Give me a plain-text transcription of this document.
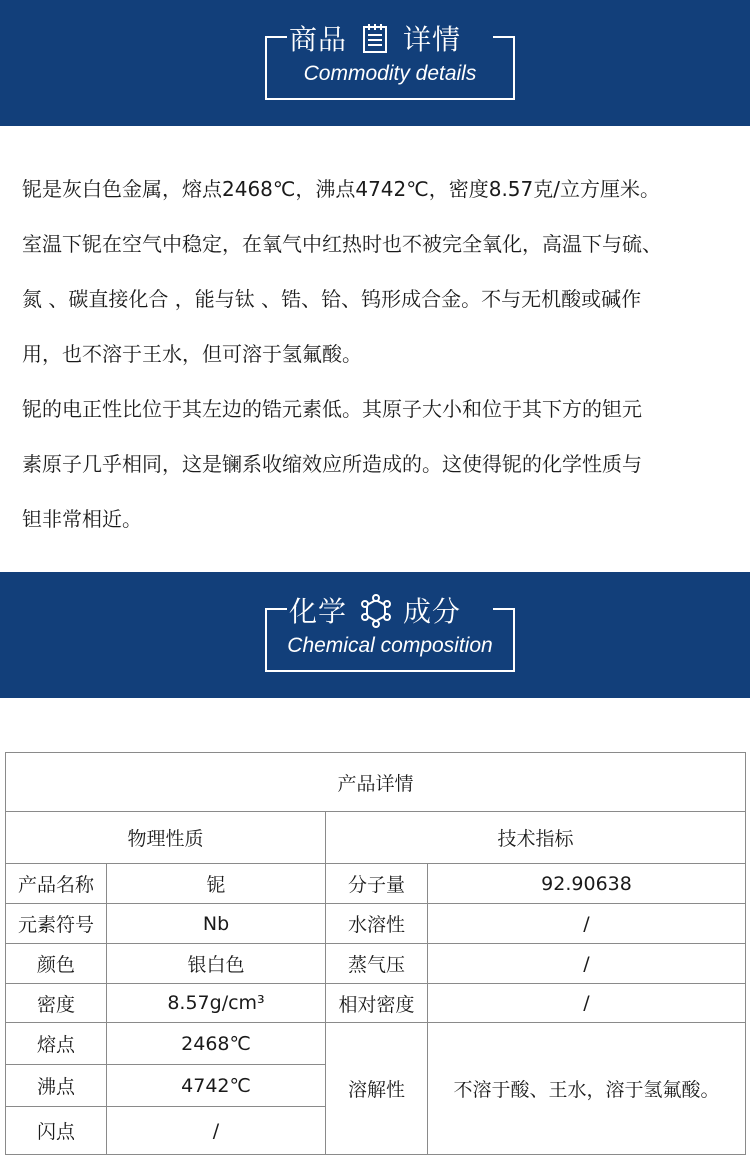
商品 详情
Commodity details

铌是灰白色金属，熔点2468℃，沸点4742℃，密度8.57克/立方厘米。

室温下铌在空气中稳定，在氧气中红热时也不被完全氧化，高温下与硫、

氮 、碳直接化合 ，能与钛 、锆、铪、钨形成合金。不与无机酸或碱作

用，也不溶于王水，但可溶于氢氟酸。

铌的电正性比位于其左边的锆元素低。其原子大小和位于其下方的钽元

素原子几乎相同，这是镧系收缩效应所造成的。这使得铌的化学性质与

钽非常相近。

化学 成分
Chemical composition
产品详情			
物理性质		技术指标	
产品名称	铌	分子量	92.90638
元素符号	Nb	水溶性	/
颜色	银白色	蒸气压	/
密度	8.57g/cm³	相对密度	/
熔点	2468℃	溶解性	不溶于酸、王水，溶于氢氟酸。
沸点	4742℃		
闪点	/		
